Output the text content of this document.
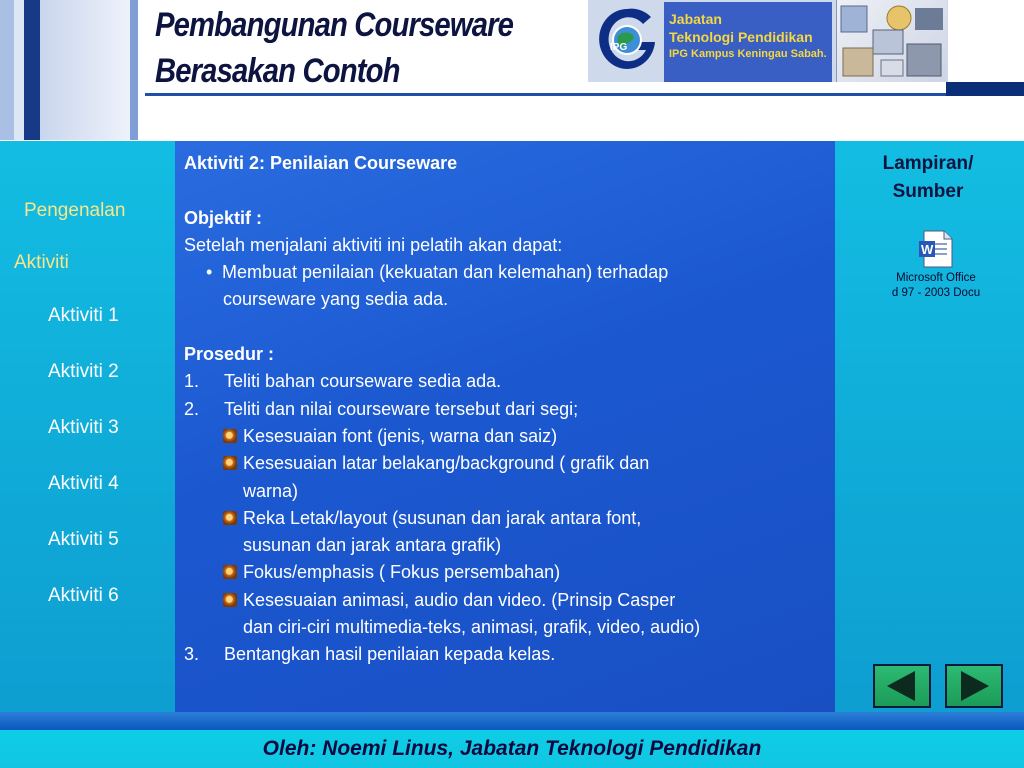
Pembangunan Courseware
Berasakan Contoh
IPG
Jabatan
Teknologi Pendidikan
IPG Kampus Keningau Sabah.
Pengenalan
Aktiviti
Aktiviti 1
Aktiviti 2
Aktiviti 3
Aktiviti 4
Aktiviti 5
Aktiviti 6
Aktiviti 2: Penilaian Courseware
Objektif :
Setelah menjalani aktiviti ini pelatih akan dapat:
• Membuat penilaian (kekuatan dan kelemahan) terhadap
courseware yang sedia ada.
Prosedur :
1. Teliti bahan courseware sedia ada.
2. Teliti dan nilai courseware tersebut dari segi;
Kesesuaian font (jenis, warna dan saiz)
Kesesuaian latar belakang/background ( grafik dan
warna)
Reka Letak/layout (susunan dan jarak antara font,
susunan dan jarak antara grafik)
Fokus/emphasis ( Fokus persembahan)
Kesesuaian animasi, audio dan video. (Prinsip Casper
dan ciri-ciri multimedia-teks, animasi, grafik, video, audio)
3. Bentangkan hasil penilaian kepada kelas.
Lampiran/
Sumber
W
Microsoft Office
d 97 - 2003 Docu
Oleh: Noemi Linus, Jabatan Teknologi Pendidikan
